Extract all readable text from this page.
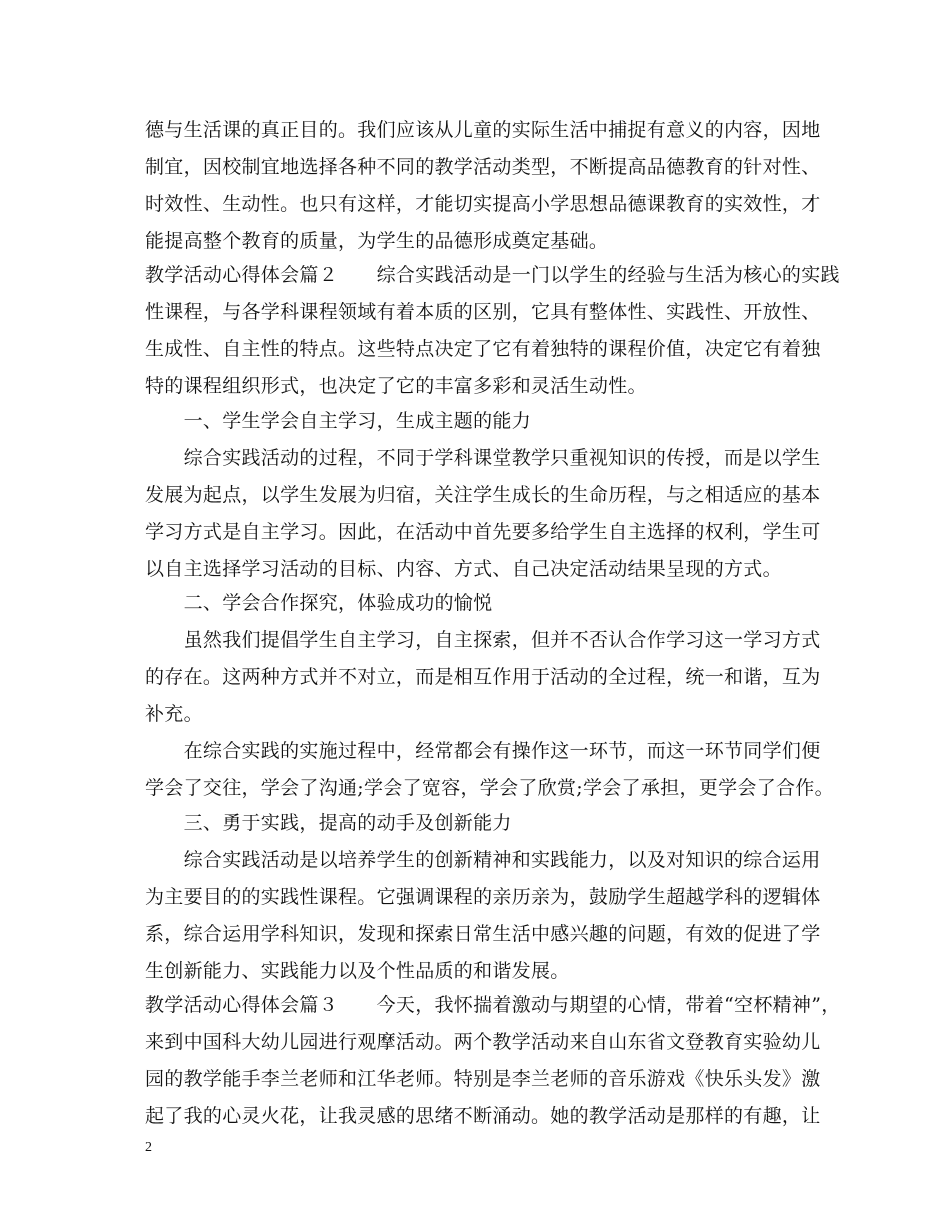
德与生活课的真正目的。我们应该从儿童的实际生活中捕捉有意义的内容，因地
制宜，因校制宜地选择各种不同的教学活动类型，不断提高品德教育的针对性、
时效性、生动性。也只有这样，才能切实提高小学思想品德课教育的实效性，才
能提高整个教育的质量，为学生的品德形成奠定基础。
教学活动心得体会篇２　　综合实践活动是一门以学生的经验与生活为核心的实践
性课程，与各学科课程领域有着本质的区别，它具有整体性、实践性、开放性、
生成性、自主性的特点。这些特点决定了它有着独特的课程价值，决定它有着独
特的课程组织形式，也决定了它的丰富多彩和灵活生动性。
　　一、学生学会自主学习，生成主题的能力
　　综合实践活动的过程，不同于学科课堂教学只重视知识的传授，而是以学生
发展为起点，以学生发展为归宿，关注学生成长的生命历程，与之相适应的基本
学习方式是自主学习。因此，在活动中首先要多给学生自主选择的权利，学生可
以自主选择学习活动的目标、内容、方式、自己决定活动结果呈现的方式。
　　二、学会合作探究，体验成功的愉悦
　　虽然我们提倡学生自主学习，自主探索，但并不否认合作学习这一学习方式
的存在。这两种方式并不对立，而是相互作用于活动的全过程，统一和谐，互为
补充。
　　在综合实践的实施过程中，经常都会有操作这一环节，而这一环节同学们便
学会了交往，学会了沟通;学会了宽容，学会了欣赏;学会了承担，更学会了合作。
　　三、勇于实践，提高的动手及创新能力
　　综合实践活动是以培养学生的创新精神和实践能力，以及对知识的综合运用
为主要目的的实践性课程。它强调课程的亲历亲为，鼓励学生超越学科的逻辑体
系，综合运用学科知识，发现和探索日常生活中感兴趣的问题，有效的促进了学
生创新能力、实践能力以及个性品质的和谐发展。
教学活动心得体会篇３　　今天，我怀揣着激动与期望的心情，带着“空杯精神”，
来到中国科大幼儿园进行观摩活动。两个教学活动来自山东省文登教育实验幼儿
园的教学能手李兰老师和江华老师。特别是李兰老师的音乐游戏《快乐头发》激
起了我的心灵火花，让我灵感的思绪不断涌动。她的教学活动是那样的有趣，让
2
